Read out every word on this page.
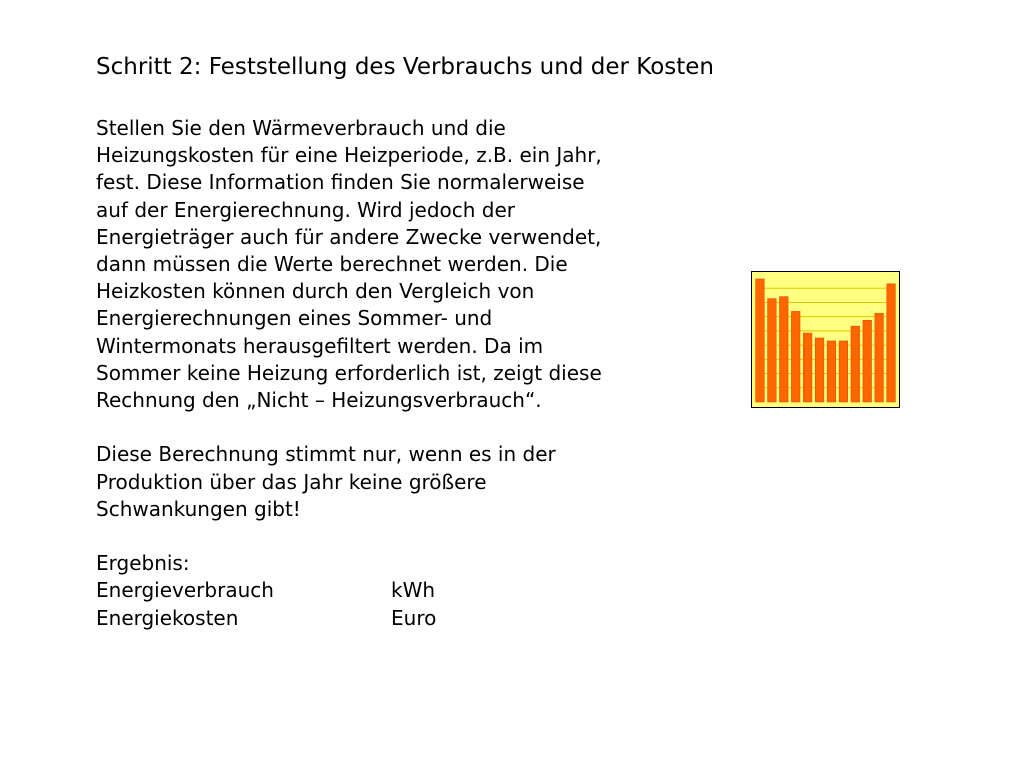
Schritt 2: Feststellung des Verbrauchs und der Kosten

Stellen Sie den Wärmeverbrauch und die
Heizungskosten für eine Heizperiode, z.B. ein Jahr,
fest. Diese Information finden Sie normalerweise
auf der Energierechnung. Wird jedoch der
Energieträger auch für andere Zwecke verwendet,
dann müssen die Werte berechnet werden. Die
Heizkosten können durch den Vergleich von
Energierechnungen eines Sommer- und
Wintermonats herausgefiltert werden. Da im
Sommer keine Heizung erforderlich ist, zeigt diese
Rechnung den „Nicht – Heizungsverbrauch“.

Diese Berechnung stimmt nur, wenn es in der
Produktion über das Jahr keine größere
Schwankungen gibt!

Ergebnis:
Energieverbrauch	kWh
Energiekosten	Euro
